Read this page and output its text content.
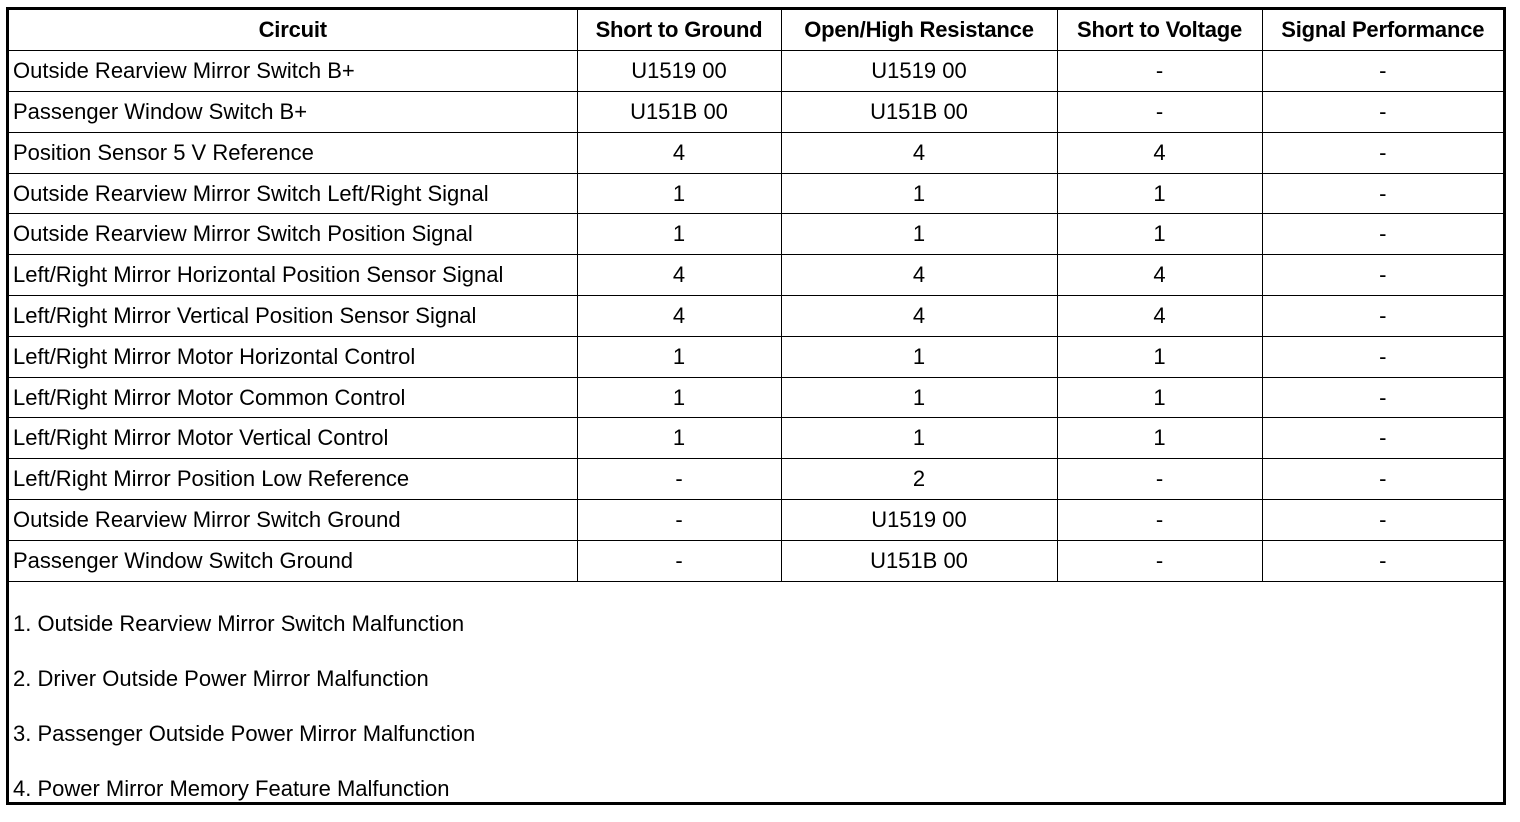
Circuit	Short to Ground	Open/High Resistance	Short to Voltage	Signal Performance
Outside Rearview Mirror Switch B+	U1519 00	U1519 00	-	-
Passenger Window Switch B+	U151B 00	U151B 00	-	-
Position Sensor 5 V Reference	4	4	4	-
Outside Rearview Mirror Switch Left/Right Signal	1	1	1	-
Outside Rearview Mirror Switch Position Signal	1	1	1	-
Left/Right Mirror Horizontal Position Sensor Signal	4	4	4	-
Left/Right Mirror Vertical Position Sensor Signal	4	4	4	-
Left/Right Mirror Motor Horizontal Control	1	1	1	-
Left/Right Mirror Motor Common Control	1	1	1	-
Left/Right Mirror Motor Vertical Control	1	1	1	-
Left/Right Mirror Position Low Reference	-	2	-	-
Outside Rearview Mirror Switch Ground	-	U1519 00	-	-
Passenger Window Switch Ground	-	U151B 00	-	-
1. Outside Rearview Mirror Switch Malfunction
2. Driver Outside Power Mirror Malfunction
3. Passenger Outside Power Mirror Malfunction
4. Power Mirror Memory Feature Malfunction
